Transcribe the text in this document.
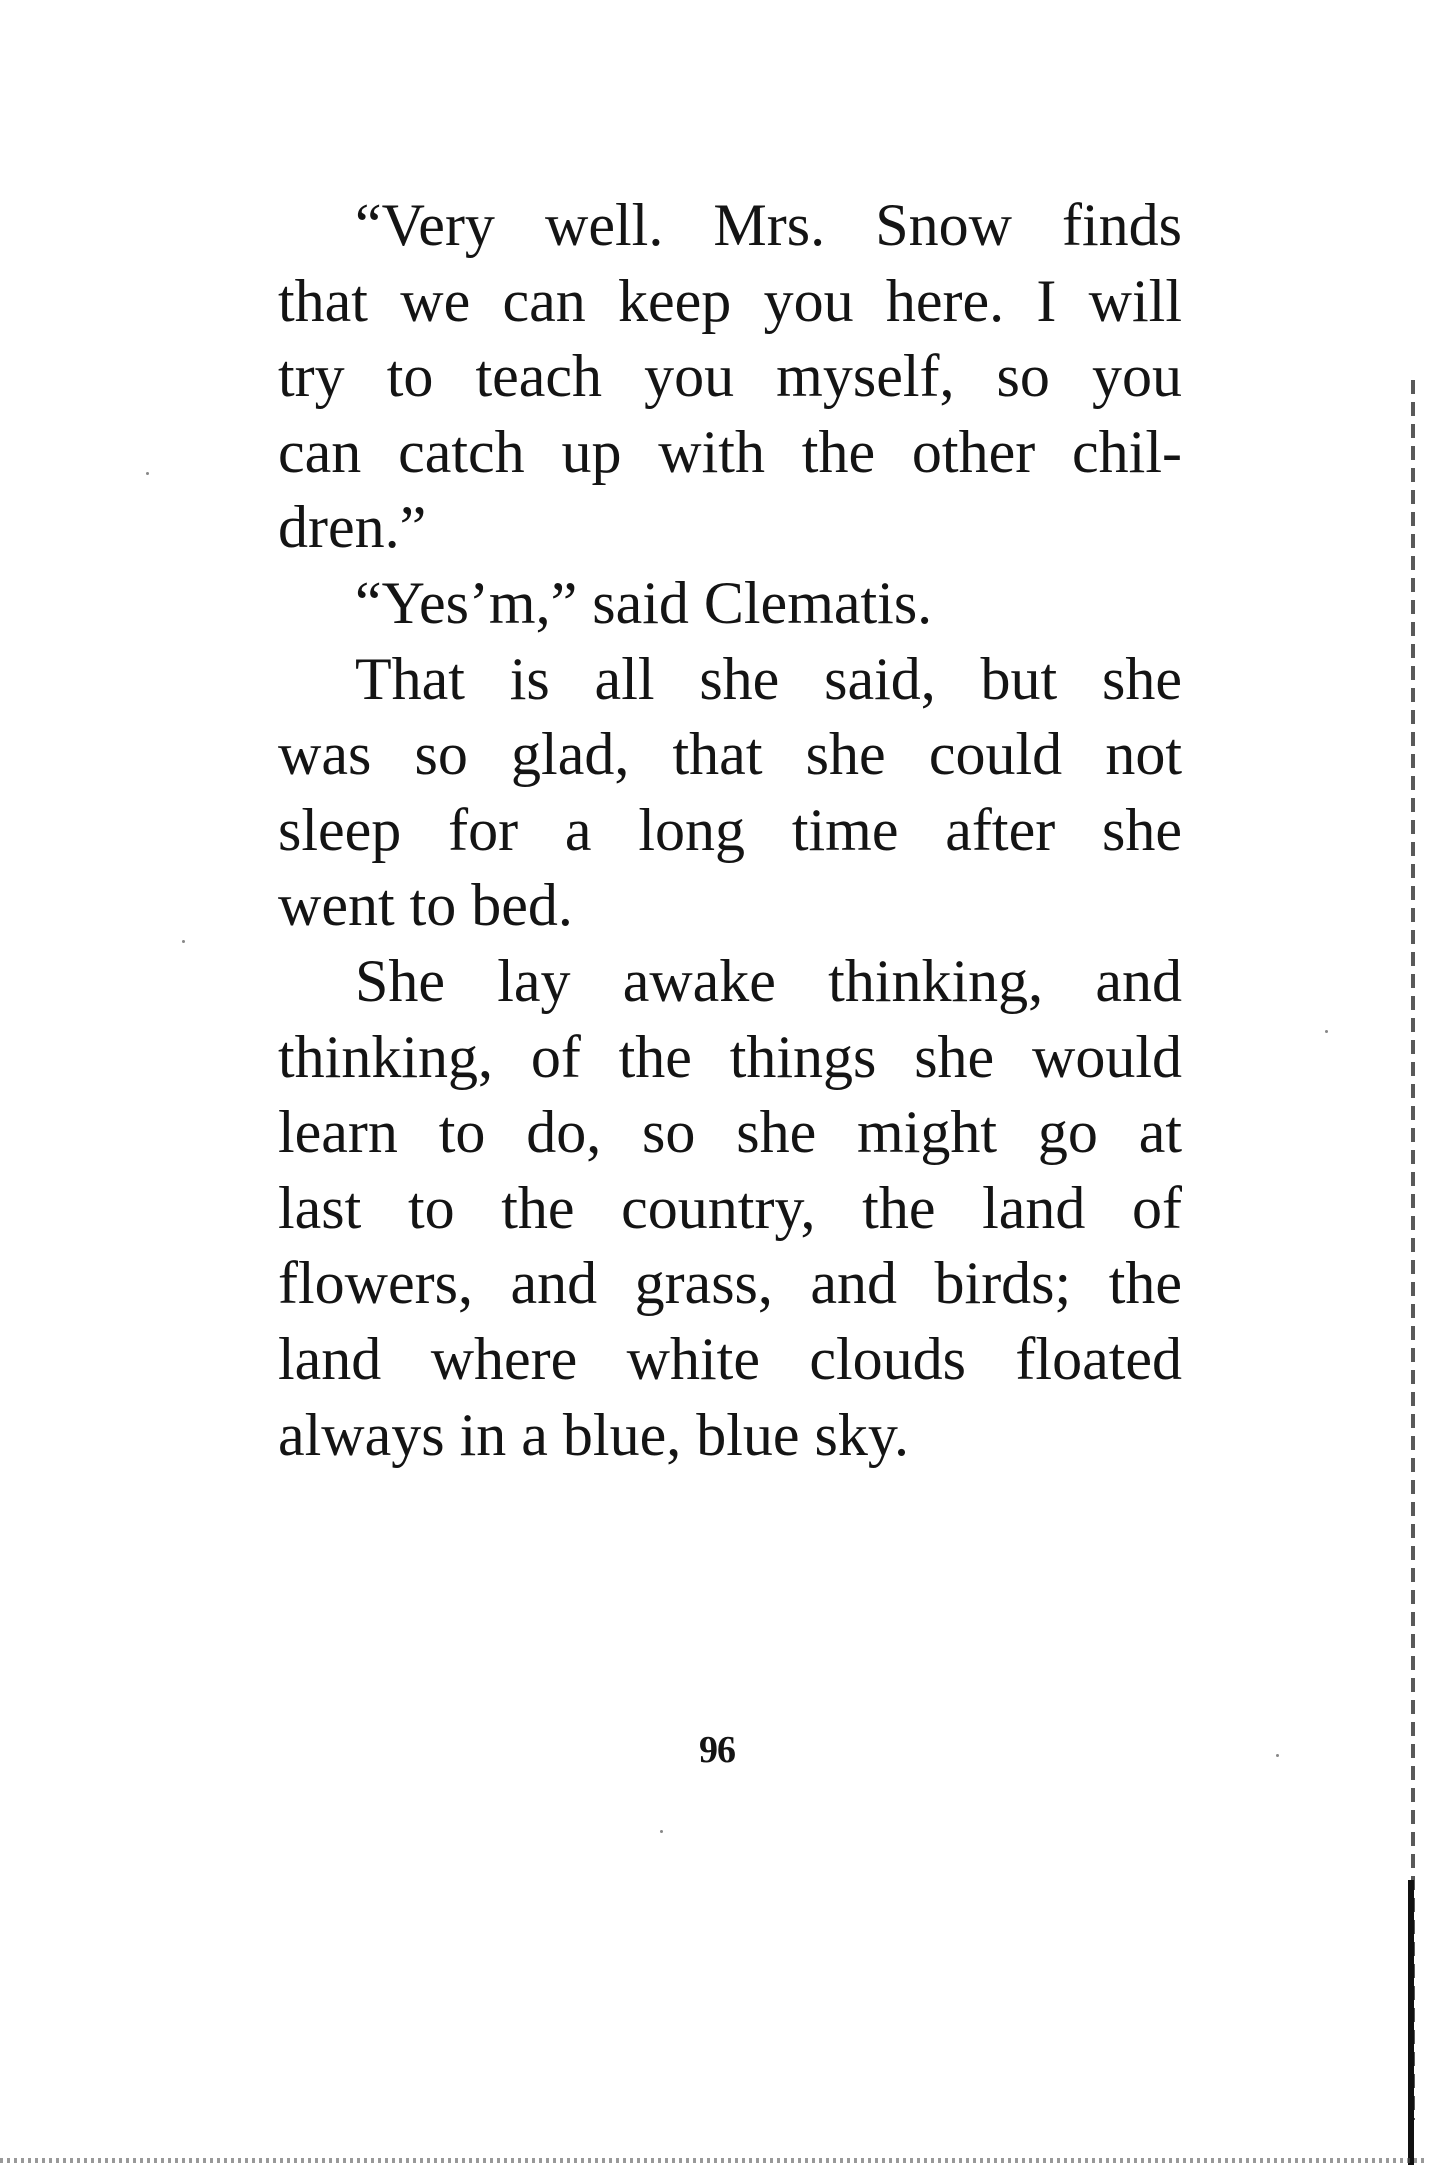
“Very well. Mrs. Snow finds
that we can keep you here. I will
try to teach you myself, so you
can catch up with the other chil-
dren.”
“Yes’m,” said Clematis.
That is all she said, but she
was so glad, that she could not
sleep for a long time after she
went to bed.
She lay awake thinking, and
thinking, of the things she would
learn to do, so she might go at
last to the country, the land of
flowers, and grass, and birds; the
land where white clouds floated
always in a blue, blue sky.
96
